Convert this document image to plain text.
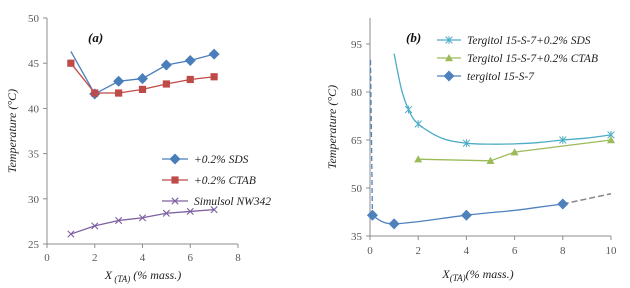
25
30
35
40
45
50
0	2	4	6	8
X $_{(TA)}$ (% mass.)
Temperature (°C)
(a)
+0.2% SDS
+0.2% CTAB
Simulsol NW342
35
50
65
80
95
0	2	4	6	8	10
$X_{(TA)}(\%$ mass.)
Temperature (°C)
(b)	Tergitol 15-S-7+0.2% SDS
Tergitol 15-S-7+0.2% CTAB
tergitol 15-S-7
